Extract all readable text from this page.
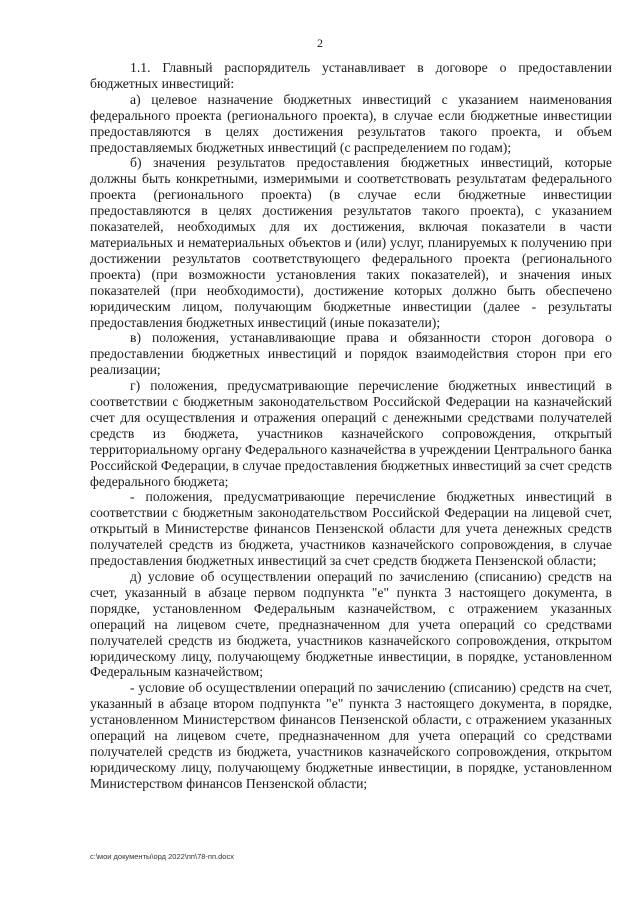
2

1.1. Главный распорядитель устанавливает в договоре о предоставлении бюджетных инвестиций:

а) целевое назначение бюджетных инвестиций с указанием наименования федерального проекта (регионального проекта), в случае если бюджетные инвестиции предоставляются в целях достижения результатов такого проекта, и объем предоставляемых бюджетных инвестиций (с распределением по годам);

б) значения результатов предоставления бюджетных инвестиций, которые должны быть конкретными, измеримыми и соответствовать результатам федерального проекта (регионального проекта) (в случае если бюджетные инвестиции предоставляются в целях достижения результатов такого проекта), с указанием показателей, необходимых для их достижения, включая показатели в части материальных и нематериальных объектов и (или) услуг, планируемых к получению при достижении результатов соответствующего федерального проекта (регионального проекта) (при возможности установления таких показателей), и значения иных показателей (при необходимости), достижение которых должно быть обеспечено юридическим лицом, получающим бюджетные инвестиции (далее - результаты предоставления бюджетных инвестиций (иные показатели);

в) положения, устанавливающие права и обязанности сторон договора о предоставлении бюджетных инвестиций и порядок взаимодействия сторон при его реализации;

г) положения, предусматривающие перечисление бюджетных инвестиций в соответствии с бюджетным законодательством Российской Федерации на казначейский счет для осуществления и отражения операций с денежными средствами получателей средств из бюджета, участников казначейского сопровождения, открытый территориальному органу Федерального казначейства в учреждении Центрального банка Российской Федерации, в случае предоставления бюджетных инвестиций за счет средств федерального бюджета;

- положения, предусматривающие перечисление бюджетных инвестиций в соответствии с бюджетным законодательством Российской Федерации на лицевой счет, открытый в Министерстве финансов Пензенской области для учета денежных средств получателей средств из бюджета, участников казначейского сопровождения, в случае предоставления бюджетных инвестиций за счет средств бюджета Пензенской области;

д) условие об осуществлении операций по зачислению (списанию) средств на счет, указанный в абзаце первом подпункта "е" пункта 3 настоящего документа, в порядке, установленном Федеральным казначейством, с отражением указанных операций на лицевом счете, предназначенном для учета операций со средствами получателей средств из бюджета, участников казначейского сопровождения, открытом юридическому лицу, получающему бюджетные инвестиции, в порядке, установленном Федеральным казначейством;

- условие об осуществлении операций по зачислению (списанию) средств на счет, указанный в абзаце втором подпункта "е" пункта 3 настоящего документа, в порядке, установленном Министерством финансов Пензенской области, с отражением указанных операций на лицевом счете, предназначенном для учета операций со средствами получателей средств из бюджета, участников казначейского сопровождения, открытом юридическому лицу, получающему бюджетные инвестиции, в порядке, установленном Министерством финансов Пензенской области;

c:\мои документы\орд 2022\пп\78-пп.docx
